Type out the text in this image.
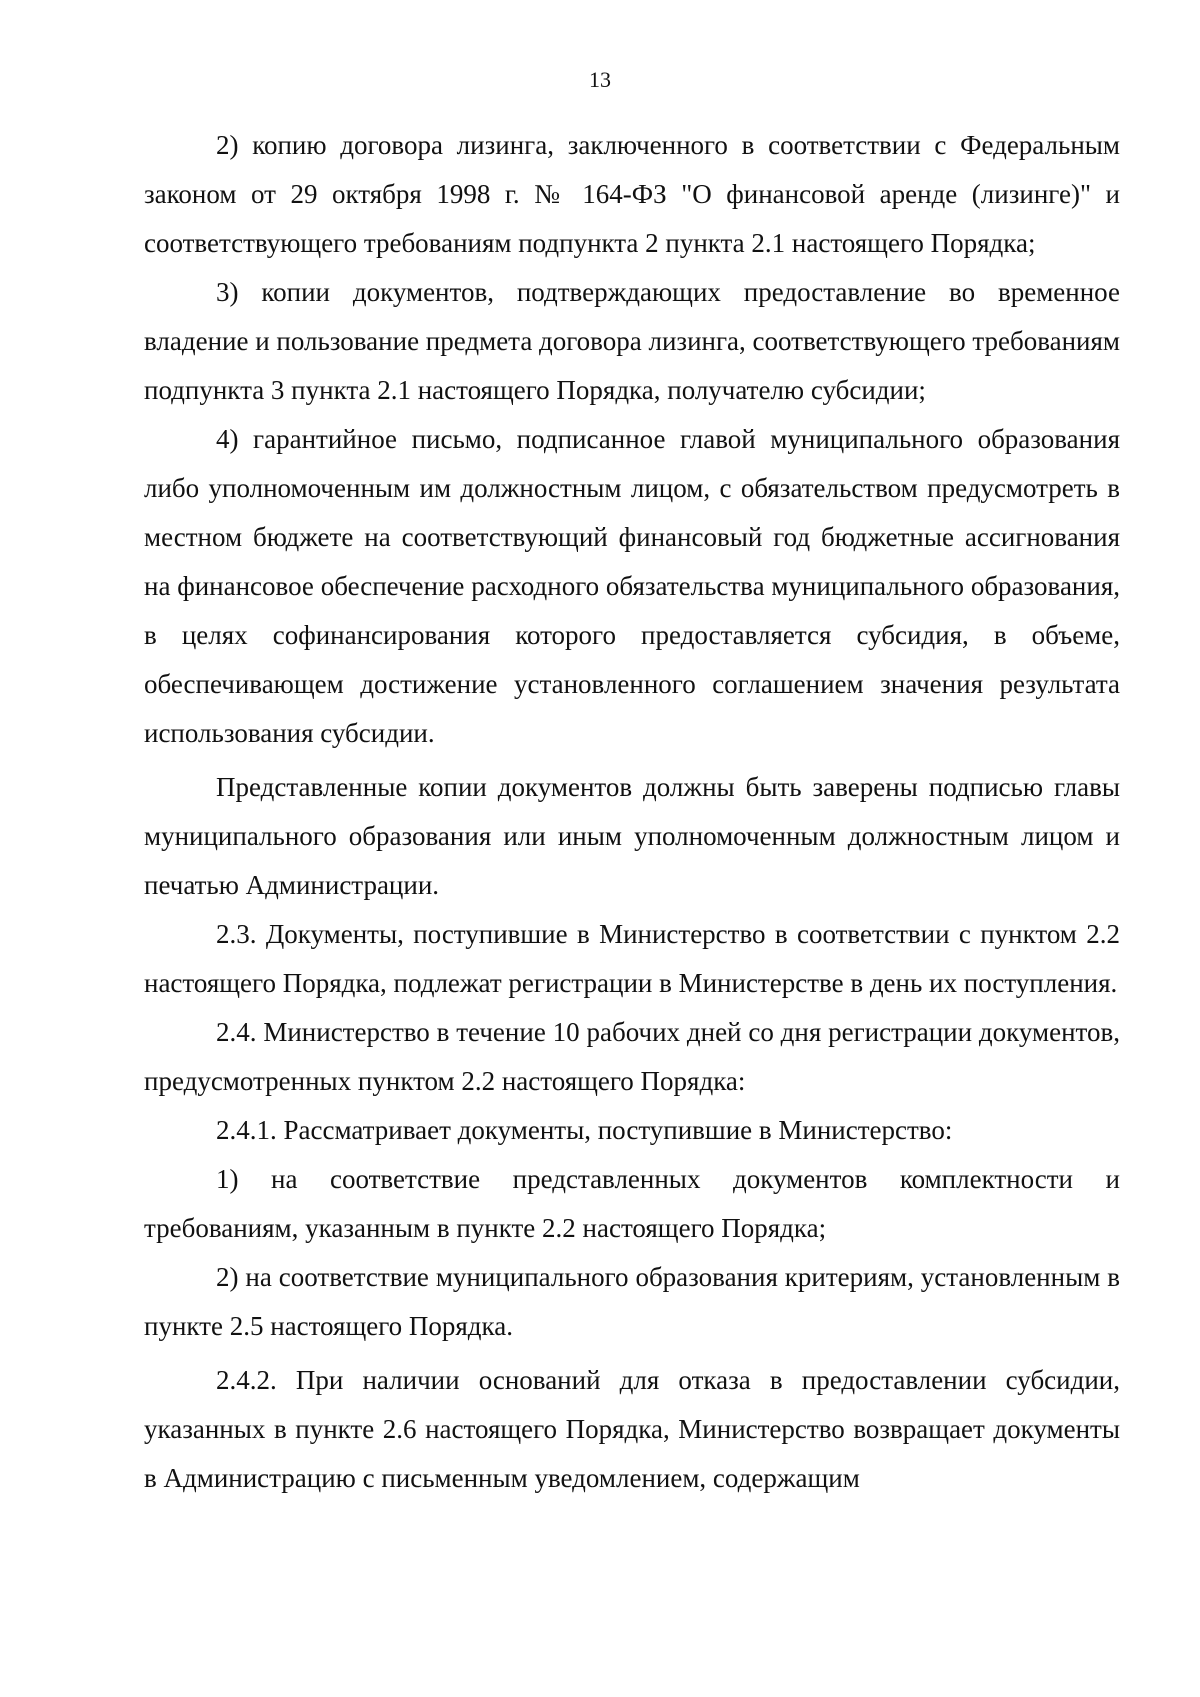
13

2) копию договора лизинга, заключенного в соответствии с Федеральным законом от 29 октября 1998 г. № 164-ФЗ "О финансовой аренде (лизинге)" и соответствующего требованиям подпункта 2 пункта 2.1 настоящего Порядка;

3) копии документов, подтверждающих предоставление во временное владение и пользование предмета договора лизинга, соответствующего требованиям подпункта 3 пункта 2.1 настоящего Порядка, получателю субсидии;

4) гарантийное письмо, подписанное главой муниципального образования либо уполномоченным им должностным лицом, с обязательством предусмотреть в местном бюджете на соответствующий финансовый год бюджетные ассигнования на финансовое обеспечение расходного обязательства муниципального образования, в целях софинансирования которого предоставляется субсидия, в объеме, обеспечивающем достижение установленного соглашением значения результата использования субсидии.

Представленные копии документов должны быть заверены подписью главы муниципального образования или иным уполномоченным должностным лицом и печатью Администрации.

2.3. Документы, поступившие в Министерство в соответствии с пунктом 2.2 настоящего Порядка, подлежат регистрации в Министерстве в день их поступления.

2.4. Министерство в течение 10 рабочих дней со дня регистрации документов, предусмотренных пунктом 2.2 настоящего Порядка:

2.4.1. Рассматривает документы, поступившие в Министерство:

1) на соответствие представленных документов комплектности и требованиям, указанным в пункте 2.2 настоящего Порядка;

2) на соответствие муниципального образования критериям, установленным в пункте 2.5 настоящего Порядка.

2.4.2. При наличии оснований для отказа в предоставлении субсидии, указанных в пункте 2.6 настоящего Порядка, Министерство возвращает документы в Администрацию с письменным уведомлением, содержащим
